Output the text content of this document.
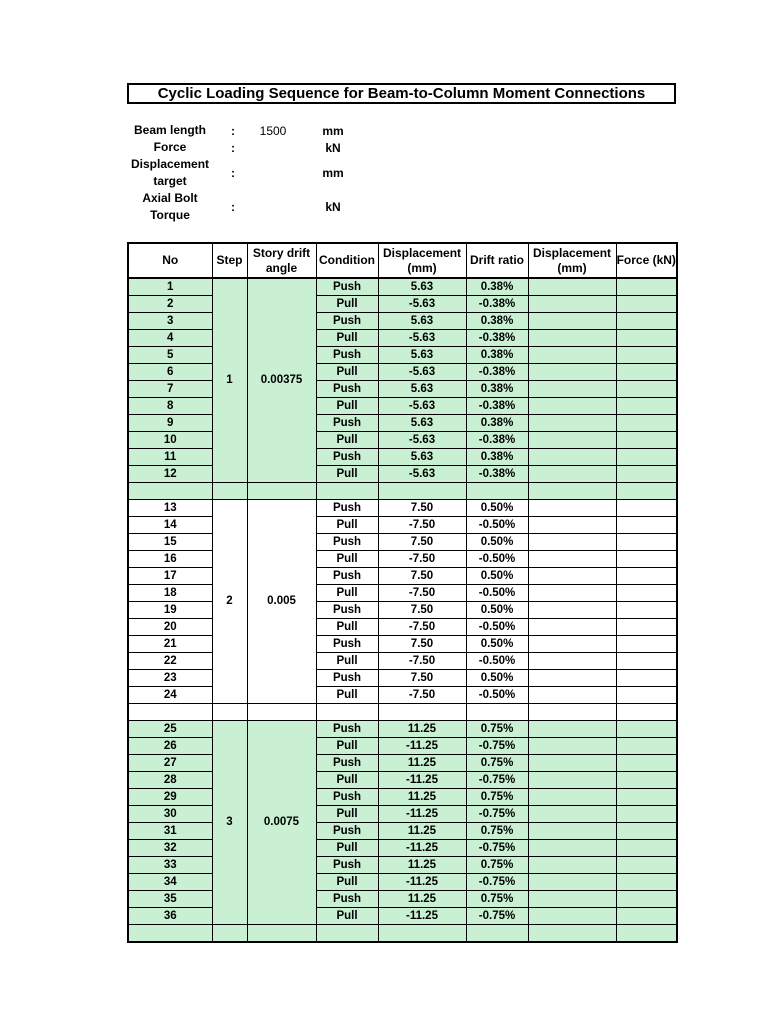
Cyclic Loading Sequence for Beam-to-Column Moment Connections
Beam length	:	1500	mm
Force	:	kN
Displacement target
:	mm
Axial Bolt Torque
:	kN
No	Step	Story drift angle	Condition	Displacement (mm)	Drift ratio	Displacement (mm)	Force (kN)
1	1	0.00375	Push	5.63	0.38%		
2			Pull	-5.63	-0.38%		
3			Push	5.63	0.38%		
4			Pull	-5.63	-0.38%		
5			Push	5.63	0.38%		
6			Pull	-5.63	-0.38%		
7			Push	5.63	0.38%		
8			Pull	-5.63	-0.38%		
9			Push	5.63	0.38%		
10			Pull	-5.63	-0.38%		
11			Push	5.63	0.38%		
12			Pull	-5.63	-0.38%		

13	2	0.005	Push	7.50	0.50%		
14			Pull	-7.50	-0.50%		
15			Push	7.50	0.50%		
16			Pull	-7.50	-0.50%		
17			Push	7.50	0.50%		
18			Pull	-7.50	-0.50%		
19			Push	7.50	0.50%		
20			Pull	-7.50	-0.50%		
21			Push	7.50	0.50%		
22			Pull	-7.50	-0.50%		
23			Push	7.50	0.50%		
24			Pull	-7.50	-0.50%		

25	3	0.0075	Push	11.25	0.75%		
26			Pull	-11.25	-0.75%		
27			Push	11.25	0.75%		
28			Pull	-11.25	-0.75%		
29			Push	11.25	0.75%		
30			Pull	-11.25	-0.75%		
31			Push	11.25	0.75%		
32			Pull	-11.25	-0.75%		
33			Push	11.25	0.75%		
34			Pull	-11.25	-0.75%		
35			Push	11.25	0.75%		
36			Pull	-11.25	-0.75%		
